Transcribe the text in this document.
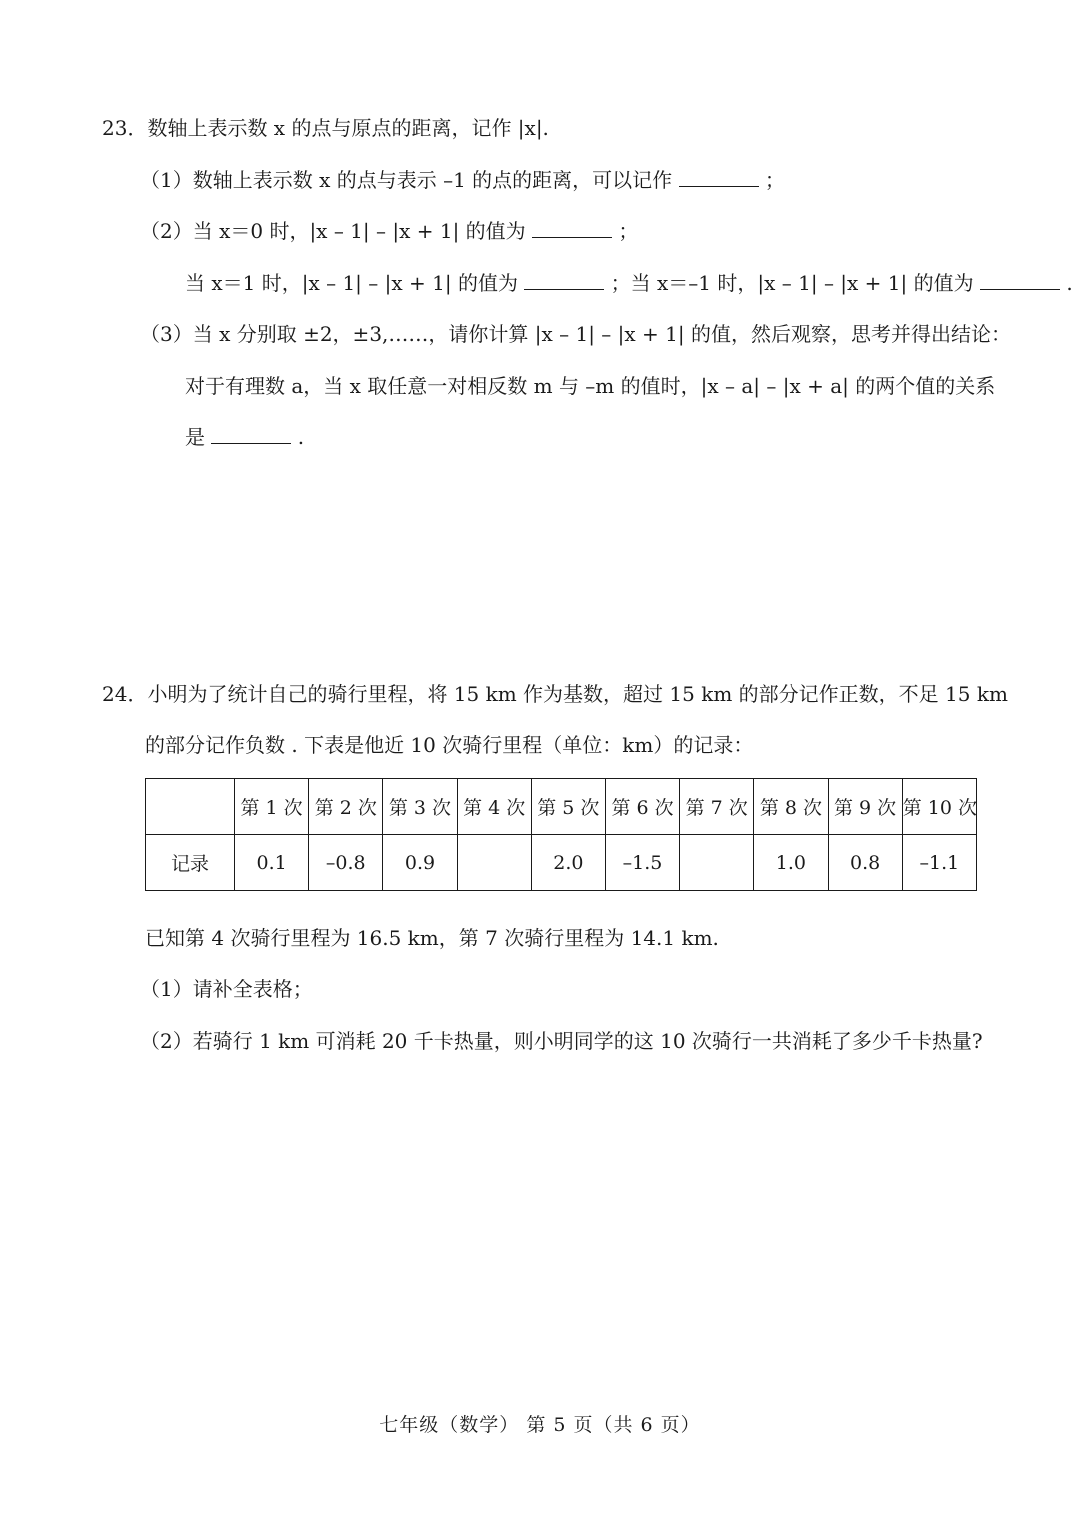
23．数轴上表示数 x 的点与原点的距离，记作 |x|.
（1）数轴上表示数 x 的点与表示 –1 的点的距离，可以记作	；
（2）当 x＝0 时，|x – 1| – |x + 1| 的值为	；
当 x＝1 时，|x – 1| – |x + 1| 的值为	；当 x＝–1 时，|x – 1| – |x + 1| 的值为	.
（3）当 x 分别取 ±2，±3,……，请你计算 |x – 1| – |x + 1| 的值，然后观察，思考并得出结论：
对于有理数 a，当 x 取任意一对相反数 m 与 –m 的值时，|x – a| – |x + a| 的两个值的关系
是	.
24．小明为了统计自己的骑行里程，将 15 km 作为基数，超过 15 km 的部分记作正数，不足 15 km
的部分记作负数 . 下表是他近 10 次骑行里程（单位：km）的记录：
	第 1 次	第 2 次	第 3 次	第 4 次	第 5 次	第 6 次	第 7 次	第 8 次	第 9 次	第 10 次
记录	0.1	–0.8	0.9		2.0	–1.5		1.0	0.8	–1.1
已知第 4 次骑行里程为 16.5 km，第 7 次骑行里程为 14.1 km.
（1）请补全表格；
（2）若骑行 1 km 可消耗 20 千卡热量，则小明同学的这 10 次骑行一共消耗了多少千卡热量?
七年级（数学） 第 5 页（共 6 页）
